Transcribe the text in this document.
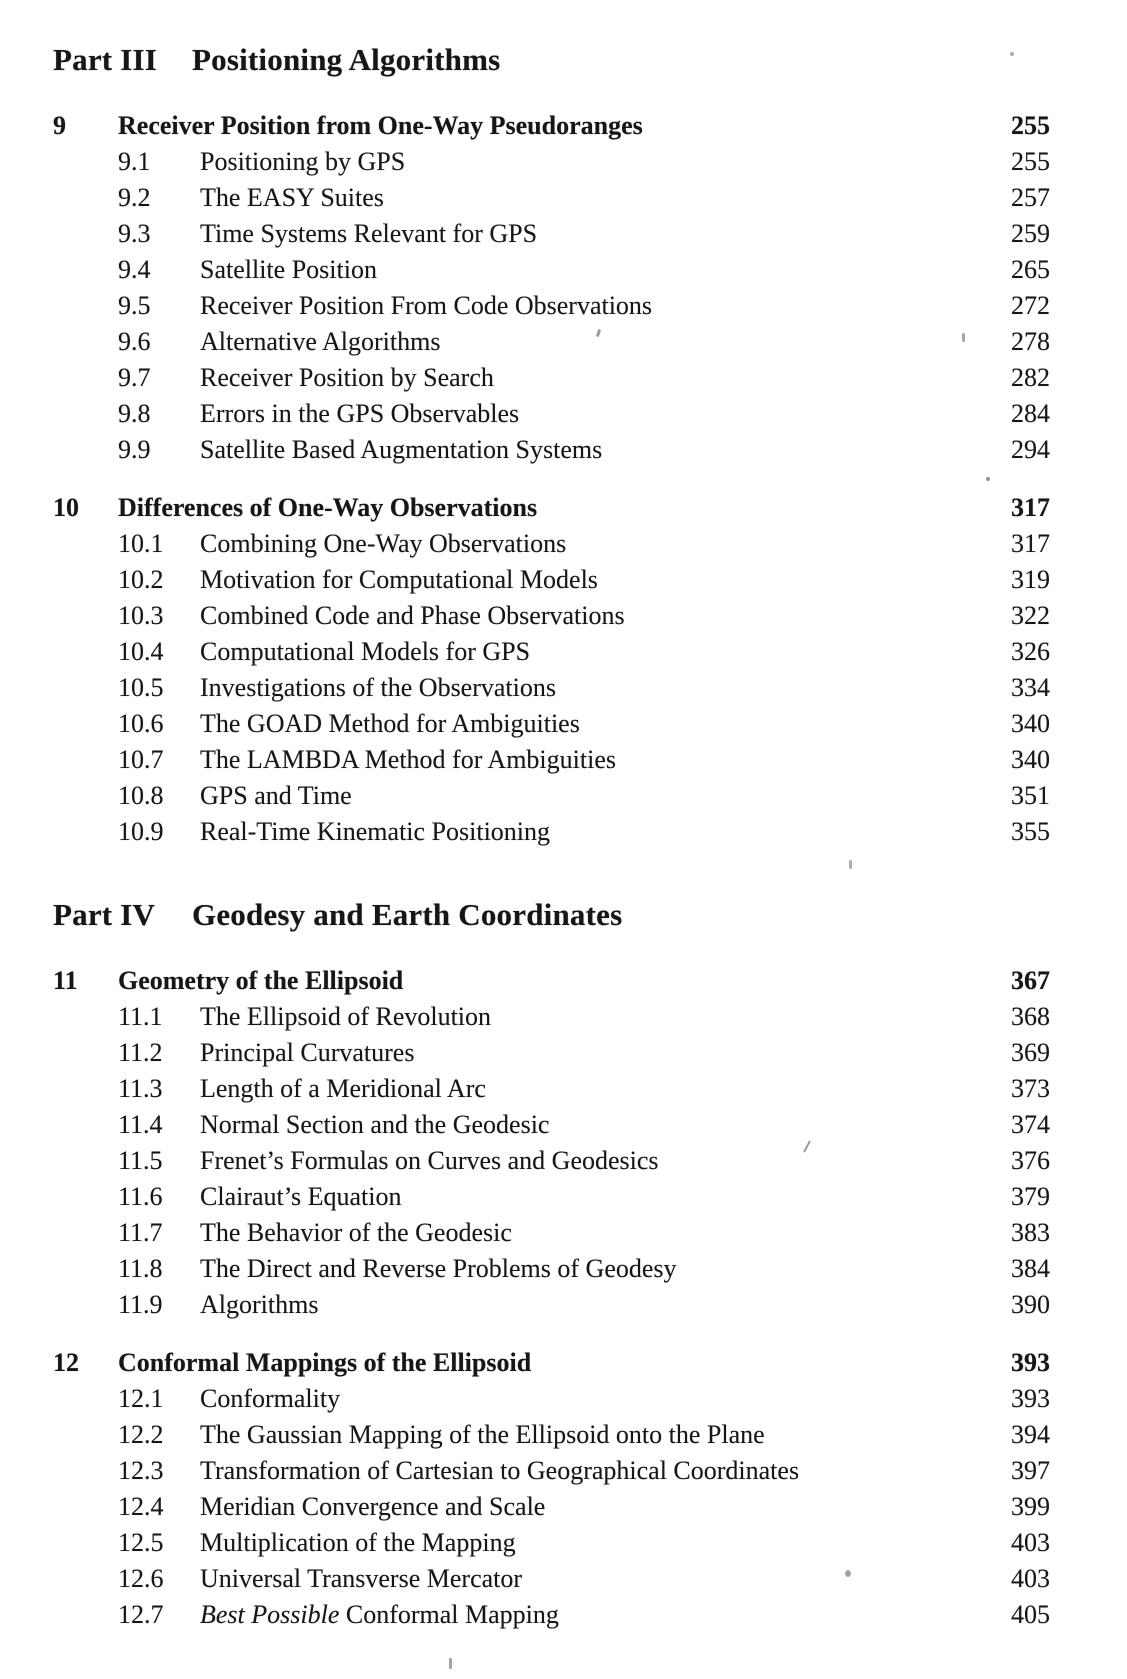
Part III	Positioning Algorithms
9	Receiver Position from One-Way Pseudoranges	255
9.1	Positioning by GPS	255
9.2	The EASY Suites	257
9.3	Time Systems Relevant for GPS	259
9.4	Satellite Position	265
9.5	Receiver Position From Code Observations	272
9.6	Alternative Algorithms	278
9.7	Receiver Position by Search	282
9.8	Errors in the GPS Observables	284
9.9	Satellite Based Augmentation Systems	294
10	Differences of One-Way Observations	317
10.1	Combining One-Way Observations	317
10.2	Motivation for Computational Models	319
10.3	Combined Code and Phase Observations	322
10.4	Computational Models for GPS	326
10.5	Investigations of the Observations	334
10.6	The GOAD Method for Ambiguities	340
10.7	The LAMBDA Method for Ambiguities	340
10.8	GPS and Time	351
10.9	Real-Time Kinematic Positioning	355
Part IV	Geodesy and Earth Coordinates
11	Geometry of the Ellipsoid	367
11.1	The Ellipsoid of Revolution	368
11.2	Principal Curvatures	369
11.3	Length of a Meridional Arc	373
11.4	Normal Section and the Geodesic	374
11.5	Frenet’s Formulas on Curves and Geodesics	376
11.6	Clairaut’s Equation	379
11.7	The Behavior of the Geodesic	383
11.8	The Direct and Reverse Problems of Geodesy	384
11.9	Algorithms	390
12	Conformal Mappings of the Ellipsoid	393
12.1	Conformality	393
12.2	The Gaussian Mapping of the Ellipsoid onto the Plane	394
12.3	Transformation of Cartesian to Geographical Coordinates	397
12.4	Meridian Convergence and Scale	399
12.5	Multiplication of the Mapping	403
12.6	Universal Transverse Mercator	403
12.7	Best Possible Conformal Mapping	405
